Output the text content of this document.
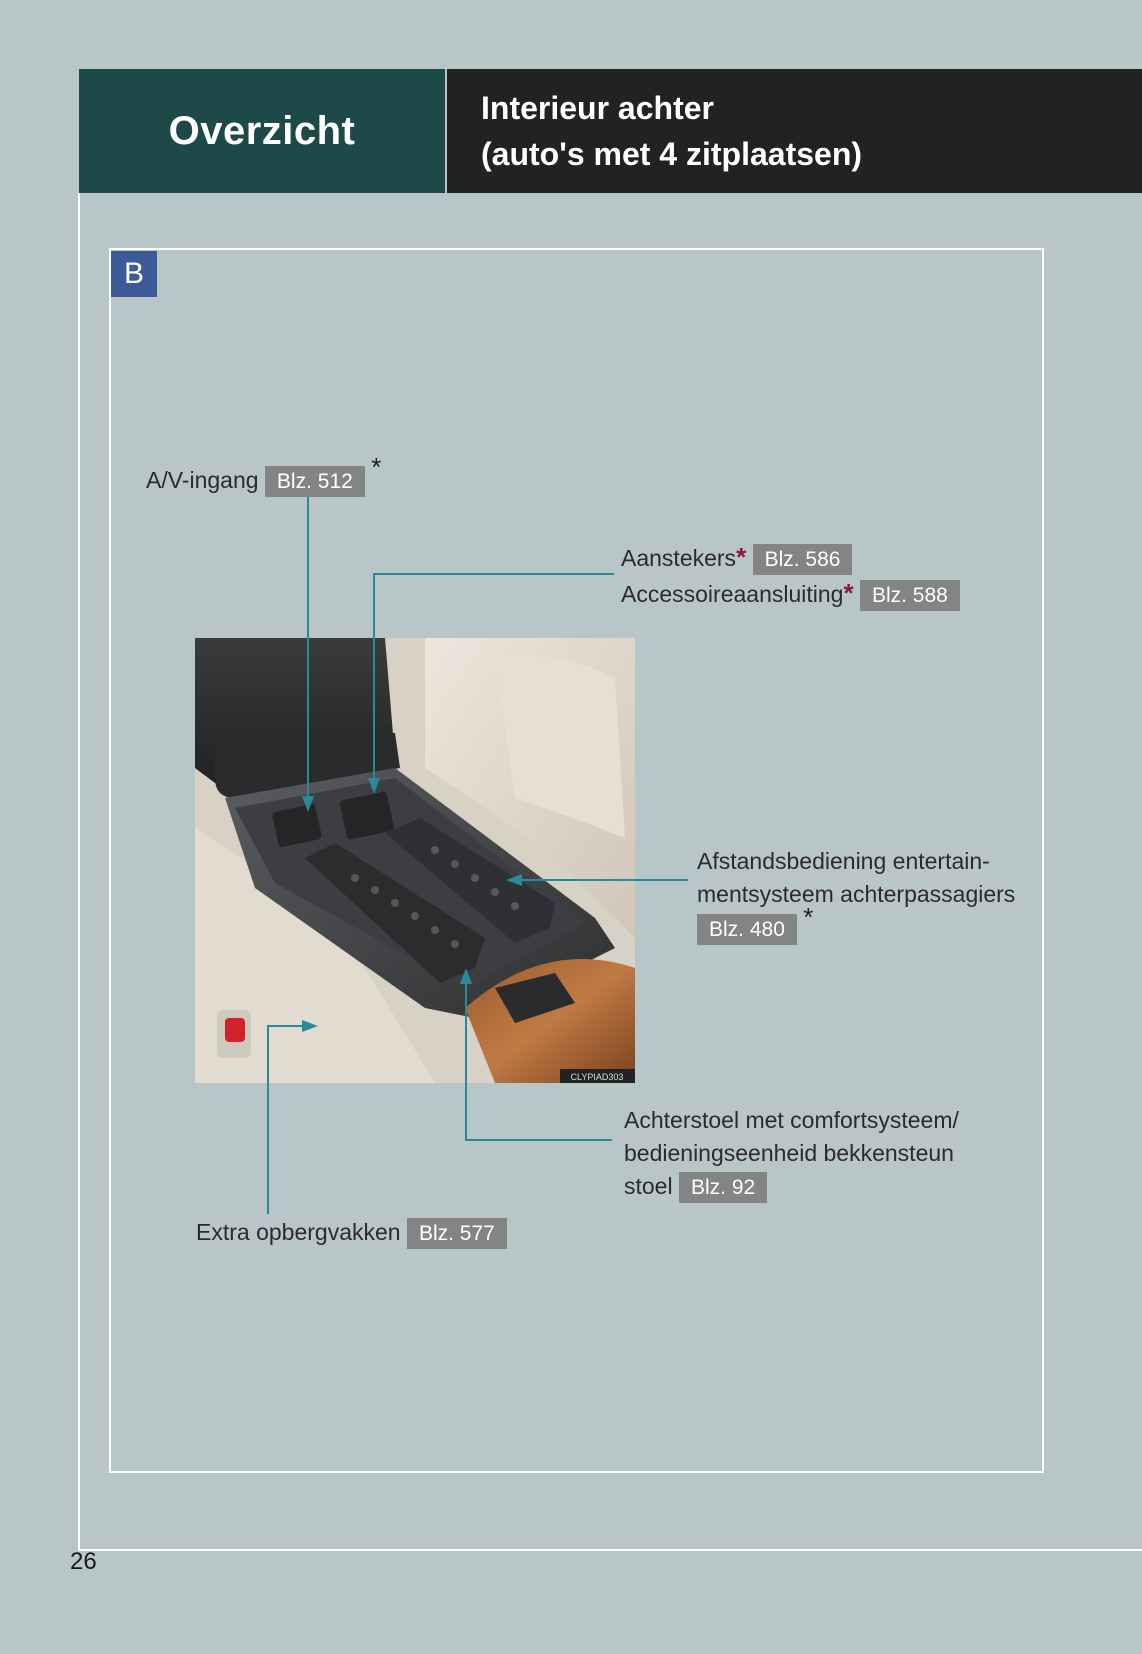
Overzicht
Interieur achter
(auto's met 4 zitplaatsen)
B
CLYPIAD303
A/V-ingang Blz. 512 *
Aanstekers* Blz. 586
Accessoireaansluiting* Blz. 588
Afstandsbediening entertain-
mentsysteem achterpassagiers
Blz. 480 *
Achterstoel met comfortsysteem/
bedieningseenheid bekkensteun
stoel Blz. 92
Extra opbergvakken Blz. 577
26
